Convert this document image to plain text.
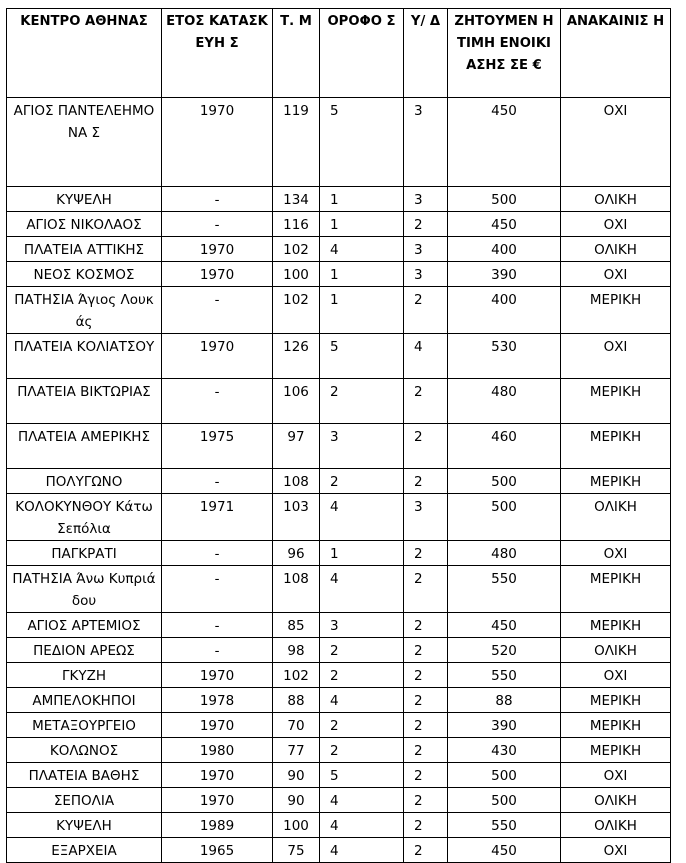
ΚΕΝΤΡΟ ΑΘΗΝΑΣ	ΕΤΟΣ ΚΑΤΑΣΚΕΥΗ Σ	Τ. Μ	ΟΡΟΦΟ Σ	Υ/ Δ	ΖΗΤΟΥΜΕΝ Η ΤΙΜΗ ΕΝΟΙΚΙΑΣΗΣ ΣΕ €	ΑΝΑΚΑΙΝΙΣ Η
ΑΓΙΟΣ ΠΑΝΤΕΛΕΗΜΟΝΑ Σ	1970	119	5	3	450	ΟΧΙ
ΚΥΨΕΛΗ	-	134	1	3	500	ΟΛΙΚΗ
ΑΓΙΟΣ ΝΙΚΟΛΑΟΣ	-	116	1	2	450	ΟΧΙ
ΠΛΑΤΕΙΑ ΑΤΤΙΚΗΣ	1970	102	4	3	400	ΟΛΙΚΗ
ΝΕΟΣ ΚΟΣΜΟΣ	1970	100	1	3	390	ΟΧΙ
ΠΑΤΗΣΙΑ Άγιος Λουκάς	-	102	1	2	400	ΜΕΡΙΚΗ
ΠΛΑΤΕΙΑ ΚΟΛΙΑΤΣΟΥ	1970	126	5	4	530	ΟΧΙ
ΠΛΑΤΕΙΑ ΒΙΚΤΩΡΙΑΣ	-	106	2	2	480	ΜΕΡΙΚΗ
ΠΛΑΤΕΙΑ ΑΜΕΡΙΚΗΣ	1975	97	3	2	460	ΜΕΡΙΚΗ
ΠΟΛΥΓΩΝΟ	-	108	2	2	500	ΜΕΡΙΚΗ
ΚΟΛΟΚΥΝΘΟΥ Κάτω Σεπόλια	1971	103	4	3	500	ΟΛΙΚΗ
ΠΑΓΚΡΑΤΙ	-	96	1	2	480	ΟΧΙ
ΠΑΤΗΣΙΑ Άνω Κυπριάδου	-	108	4	2	550	ΜΕΡΙΚΗ
ΑΓΙΟΣ ΑΡΤΕΜΙΟΣ	-	85	3	2	450	ΜΕΡΙΚΗ
ΠΕΔΙΟΝ ΑΡΕΩΣ	-	98	2	2	520	ΟΛΙΚΗ
ΓΚΥΖΗ	1970	102	2	2	550	ΟΧΙ
ΑΜΠΕΛΟΚΗΠΟΙ	1978	88	4	2	88	ΜΕΡΙΚΗ
ΜΕΤΑΞΟΥΡΓΕΙΟ	1970	70	2	2	390	ΜΕΡΙΚΗ
ΚΟΛΩΝΟΣ	1980	77	2	2	430	ΜΕΡΙΚΗ
ΠΛΑΤΕΙΑ ΒΑΘΗΣ	1970	90	5	2	500	ΟΧΙ
ΣΕΠΟΛΙΑ	1970	90	4	2	500	ΟΛΙΚΗ
ΚΥΨΕΛΗ	1989	100	4	2	550	ΟΛΙΚΗ
ΕΞΑΡΧΕΙΑ	1965	75	4	2	450	ΟΧΙ
